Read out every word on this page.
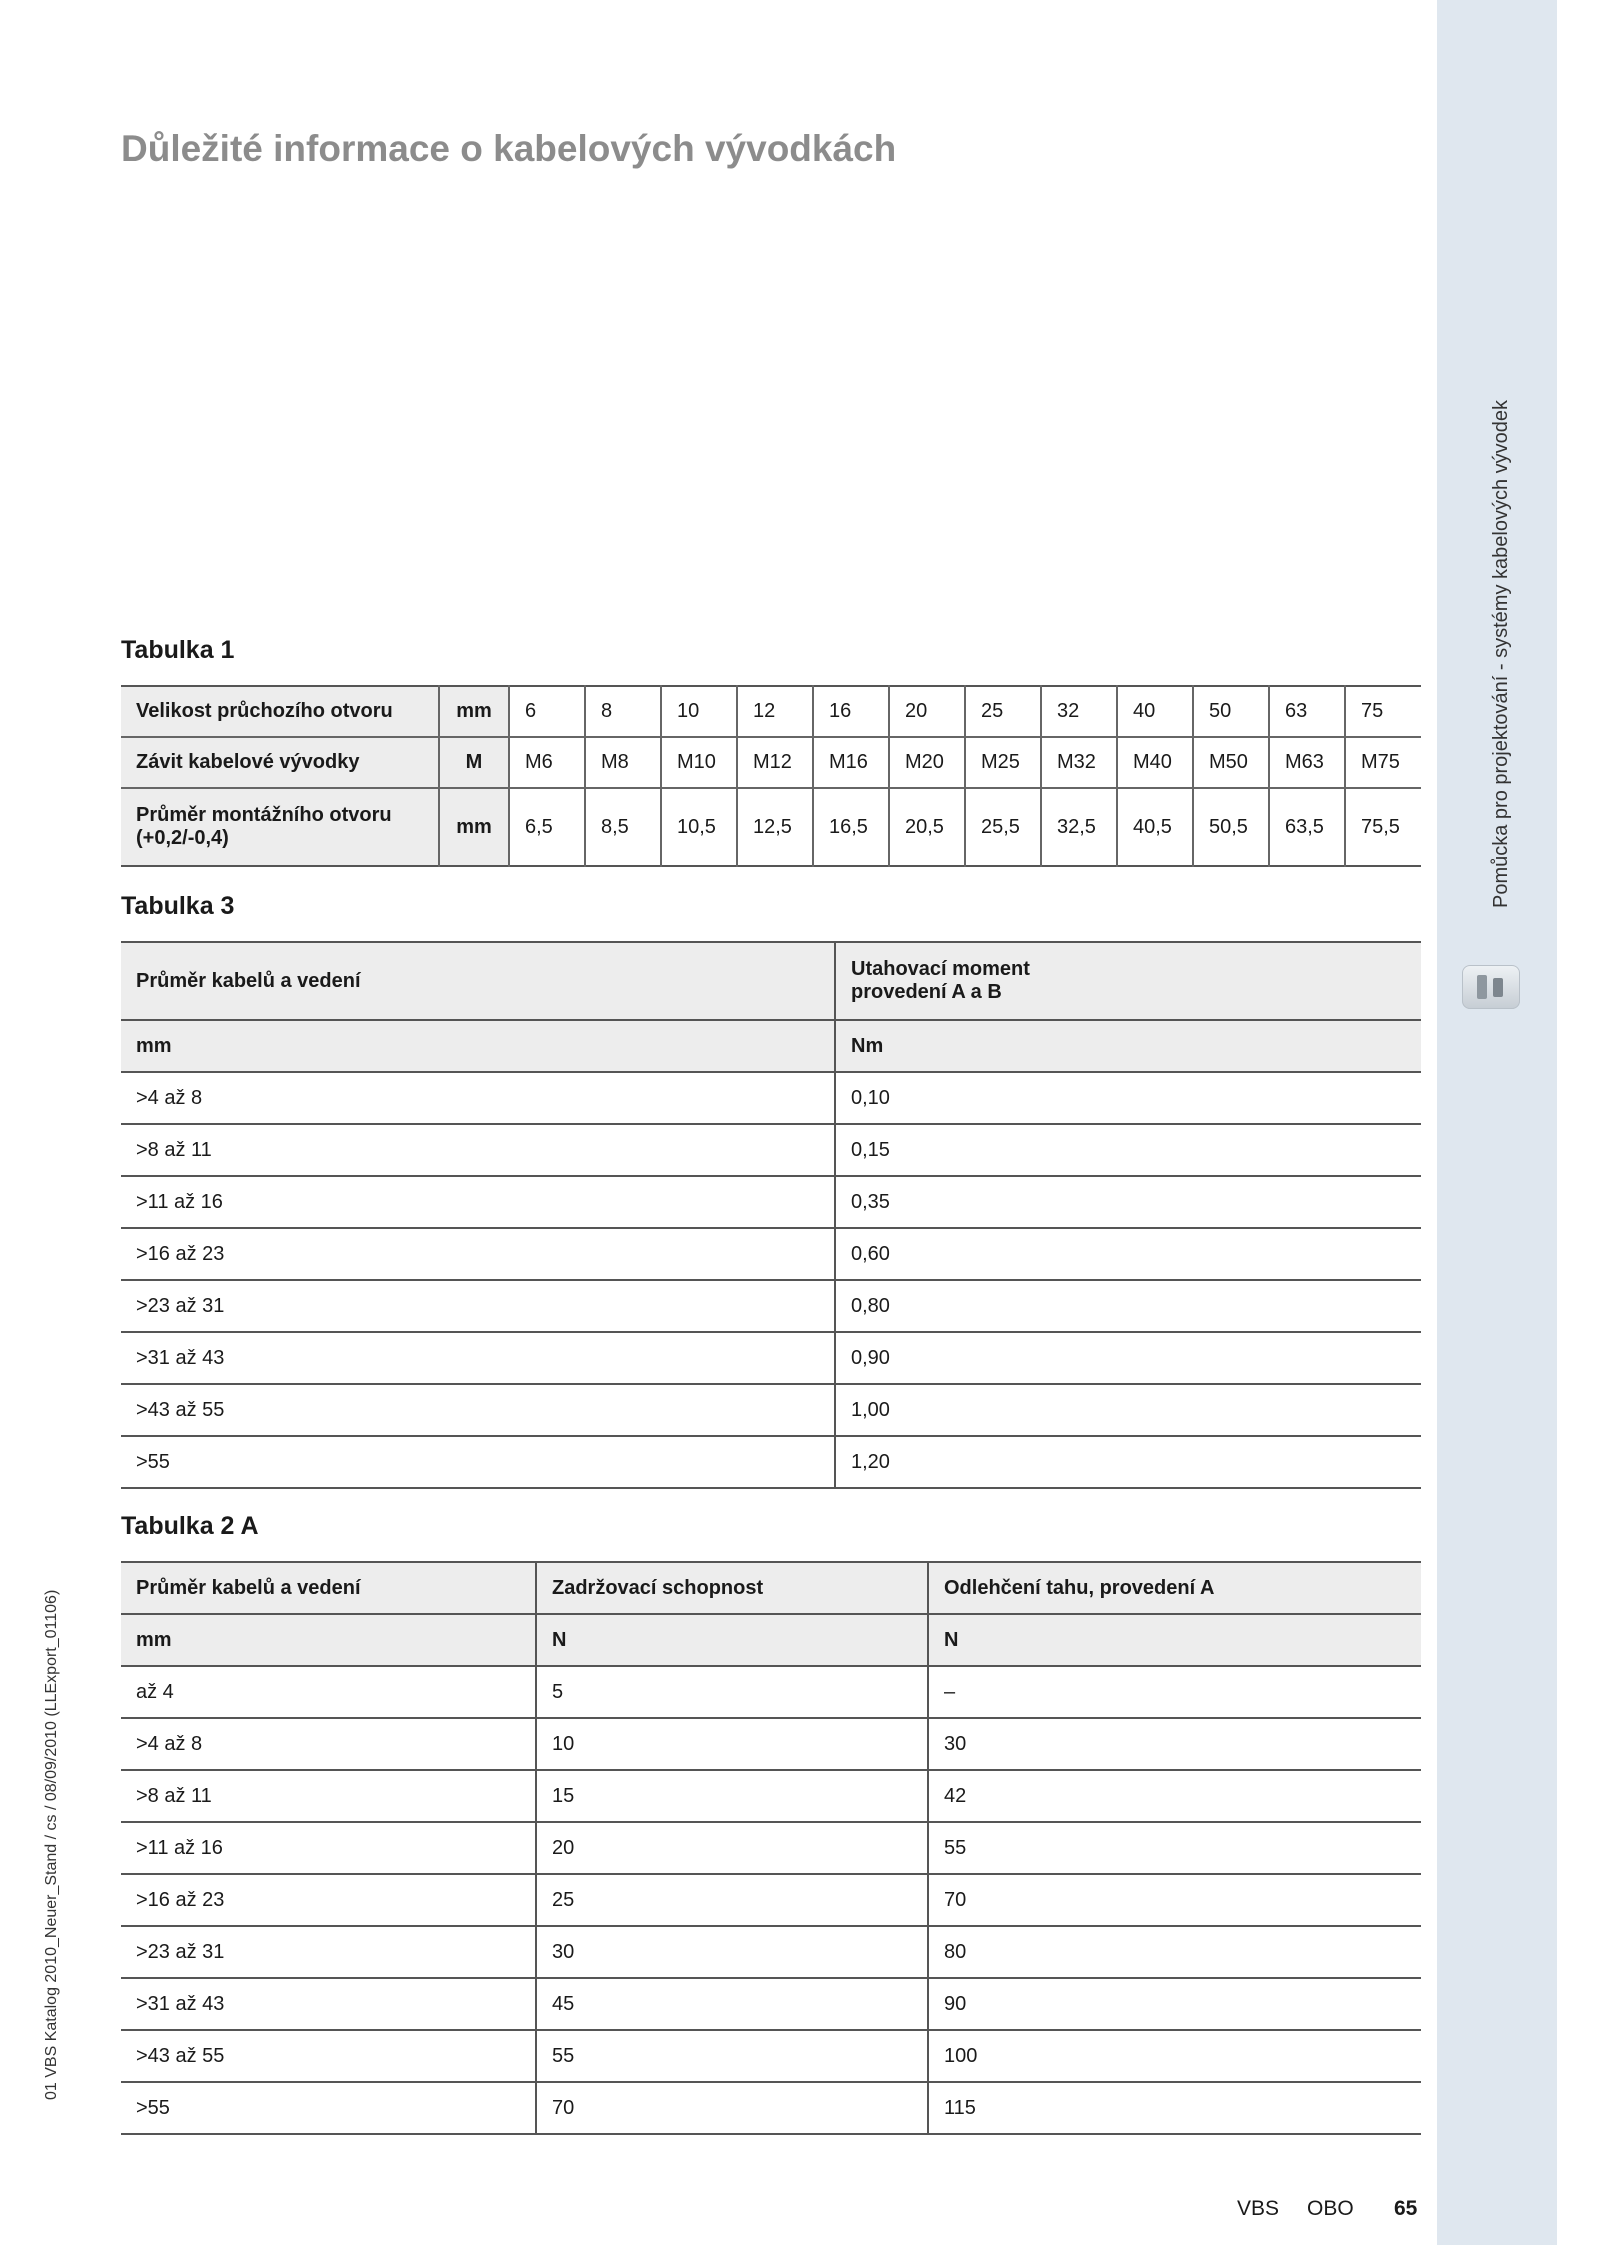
Pomůcka pro projektování - systémy kabelových vývodek
01 VBS Katalog 2010_Neuer_Stand / cs / 08/09/2010 (LLExport_01106)
Důležité informace o kabelových vývodkách
Tabulka 1
Velikost průchozího otvoru	mm	6	8	10	12	16	20	25	32	40	50	63	75
Závit kabelové vývodky	M	M6	M8	M10	M12	M16	M20	M25	M32	M40	M50	M63	M75

Průměr montážního otvoru
(+0,2/-0,4)	mm	6,5	8,5	10,5	12,5	16,5	20,5	25,5	32,5	40,5	50,5	63,5	75,5
Tabulka 3
Průměr kabelů a vedení	Utahovací moment
provedení A a B

mm	Nm
>4 až 8	0,10
>8 až 11	0,15
>11 až 16	0,35
>16 až 23	0,60
>23 až 31	0,80
>31 až 43	0,90
>43 až 55	1,00
>55	1,20
Tabulka 2 A
Průměr kabelů a vedení	Zadržovací schopnost	Odlehčení tahu, provedení A
mm	N	N
až 4	5	–
>4 až 8	10	30
>8 až 11	15	42
>11 až 16	20	55
>16 až 23	25	70
>23 až 31	30	80
>31 až 43	45	90
>43 až 55	55	100
>55	70	115
VBS OBO 65
